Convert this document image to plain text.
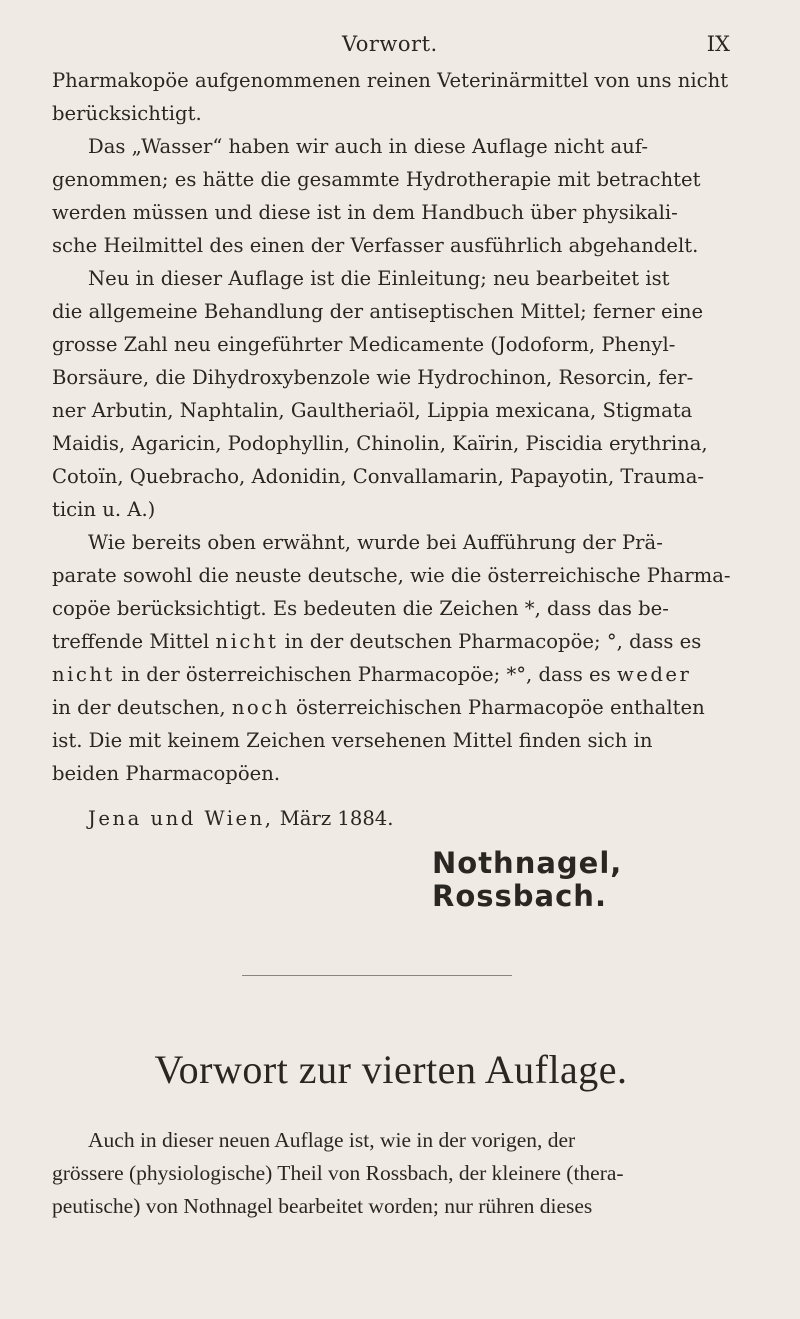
Vorwort.	IX

Pharmakopöe aufgenommenen reinen Veterinärmittel von uns nicht
berücksichtigt.

Das „Wasser“ haben wir auch in diese Auflage nicht auf-
genommen; es hätte die gesammte Hydrotherapie mit betrachtet
werden müssen und diese ist in dem Handbuch über physikali-
sche Heilmittel des einen der Verfasser ausführlich abgehandelt.

Neu in dieser Auflage ist die Einleitung; neu bearbeitet ist
die allgemeine Behandlung der antiseptischen Mittel; ferner eine
grosse Zahl neu eingeführter Medicamente (Jodoform, Phenyl-
Borsäure, die Dihydroxybenzole wie Hydrochinon, Resorcin, fer-
ner Arbutin, Naphtalin, Gaultheriaöl, Lippia mexicana, Stigmata
Maidis, Agaricin, Podophyllin, Chinolin, Kaïrin, Piscidia erythrina,
Cotoïn, Quebracho, Adonidin, Convallamarin, Papayotin, Trauma-
ticin u. A.)

Wie bereits oben erwähnt, wurde bei Aufführung der Prä-
parate sowohl die neuste deutsche, wie die österreichische Pharma-
copöe berücksichtigt. Es bedeuten die Zeichen *, dass das be-
treffende Mittel nicht in der deutschen Pharmacopöe; °, dass es
nicht in der österreichischen Pharmacopöe; *°, dass es weder
in der deutschen, noch österreichischen Pharmacopöe enthalten
ist. Die mit keinem Zeichen versehenen Mittel finden sich in
beiden Pharmacopöen.

Jena und Wien, März 1884.
Nothnagel, Rossbach.
Vorwort zur vierten Auflage.
Auch in dieser neuen Auflage ist, wie in der vorigen, der
grössere (physiologische) Theil von Rossbach, der kleinere (thera-
peutische) von Nothnagel bearbeitet worden; nur rühren dieses
